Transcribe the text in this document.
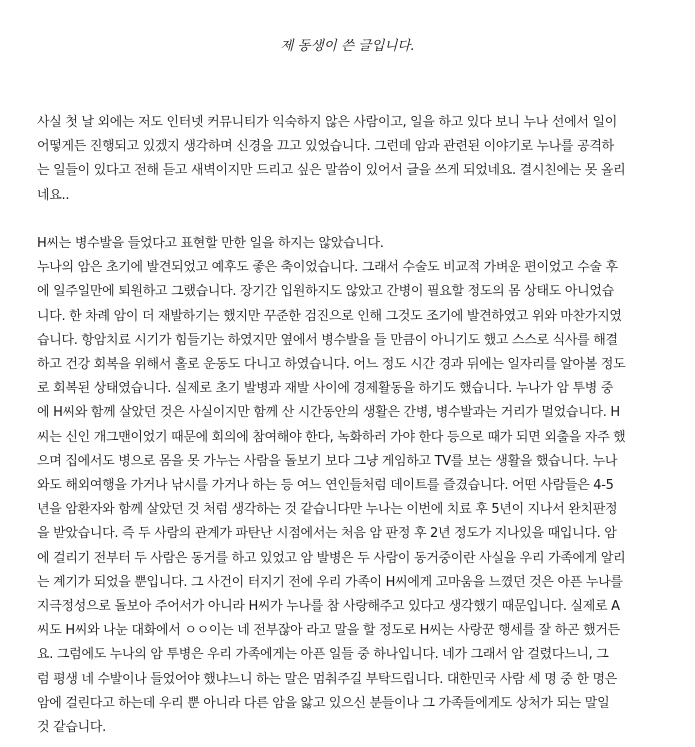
제 동생이 쓴 글입니다.
사실 첫 날 외에는 저도 인터넷 커뮤니티가 익숙하지 않은 사람이고, 일을 하고 있다 보니 누나 선에서 일이
어떻게든 진행되고 있겠지 생각하며 신경을 끄고 있었습니다. 그런데 암과 관련된 이야기로 누나를 공격하
는 일들이 있다고 전해 듣고 새벽이지만 드리고 싶은 말씀이 있어서 글을 쓰게 되었네요. 결시친에는 못 올리
네요..
H씨는 병수발을 들었다고 표현할 만한 일을 하지는 않았습니다.
누나의 암은 초기에 발견되었고 예후도 좋은 축이었습니다. 그래서 수술도 비교적 가벼운 편이었고 수술 후
에 일주일만에 퇴원하고 그랬습니다. 장기간 입원하지도 않았고 간병이 필요할 정도의 몸 상태도 아니었습
니다. 한 차례 암이 더 재발하기는 했지만 꾸준한 검진으로 인해 그것도 조기에 발견하였고 위와 마찬가지였
습니다. 항암치료 시기가 힘들기는 하였지만 옆에서 병수발을 들 만큼이 아니기도 했고 스스로 식사를 해결
하고 건강 회복을 위해서 홀로 운동도 다니고 하였습니다. 어느 정도 시간 경과 뒤에는 일자리를 알아볼 정도
로 회복된 상태였습니다. 실제로 초기 발병과 재발 사이에 경제활동을 하기도 했습니다. 누나가 암 투병 중
에 H씨와 함께 살았던 것은 사실이지만 함께 산 시간동안의 생활은 간병, 병수발과는 거리가 멀었습니다. H
씨는 신인 개그맨이었기 때문에 회의에 참여해야 한다, 녹화하러 가야 한다 등으로 때가 되면 외출을 자주 했
으며 집에서도 병으로 몸을 못 가누는 사람을 돌보기 보다 그냥 게임하고 TV를 보는 생활을 했습니다. 누나
와도 해외여행을 가거나 낚시를 가거나 하는 등 여느 연인들처럼 데이트를 즐겼습니다. 어떤 사람들은 4-5
년을 암환자와 함께 살았던 것 처럼 생각하는 것 같습니다만 누나는 이번에 치료 후 5년이 지나서 완치판정
을 받았습니다. 즉 두 사람의 관계가 파탄난 시점에서는 처음 암 판정 후 2년 정도가 지나있을 때입니다. 암
에 걸리기 전부터 두 사람은 동거를 하고 있었고 암 발병은 두 사람이 동거중이란 사실을 우리 가족에게 알리
는 계기가 되었을 뿐입니다. 그 사건이 터지기 전에 우리 가족이 H씨에게 고마움을 느꼈던 것은 아픈 누나를
지극정성으로 돌보아 주어서가 아니라 H씨가 누나를 참 사랑해주고 있다고 생각했기 때문입니다. 실제로 A
씨도 H씨와 나눈 대화에서 ㅇㅇ이는 네 전부잖아 라고 말을 할 정도로 H씨는 사랑꾼 행세를 잘 하곤 했거든
요. 그럼에도 누나의 암 투병은 우리 가족에게는 아픈 일들 중 하나입니다. 네가 그래서 암 걸렸다느니, 그
럼 평생 네 수발이나 들었어야 했냐느니 하는 말은 멈춰주길 부탁드립니다. 대한민국 사람 세 명 중 한 명은
암에 걸린다고 하는데 우리 뿐 아니라 다른 암을 앓고 있으신 분들이나 그 가족들에게도 상처가 되는 말일
것 같습니다.
